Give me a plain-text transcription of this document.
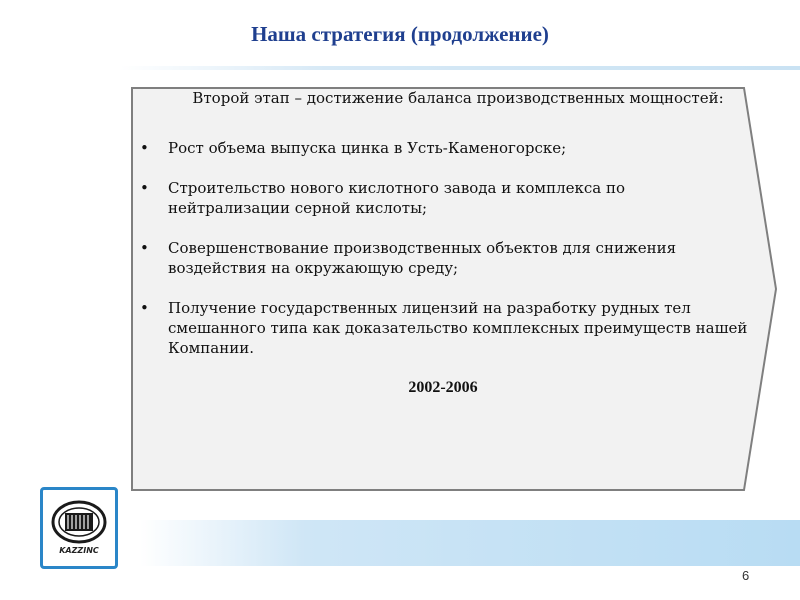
Наша стратегия (продолжение)
Второй этап – достижение баланса производственных мощностей:
• Рост объема выпуска цинка в Усть-Каменогорске;
• Строительство нового кислотного завода и комплекса по нейтрализации серной кислоты;
• Совершенствование производственных объектов для снижения воздействия на окружающую среду;
• Получение государственных лицензий на разработку рудных тел смешанного типа как доказательство комплексных преимуществ нашей Компании.
2002-2006
KAZZINC
6
